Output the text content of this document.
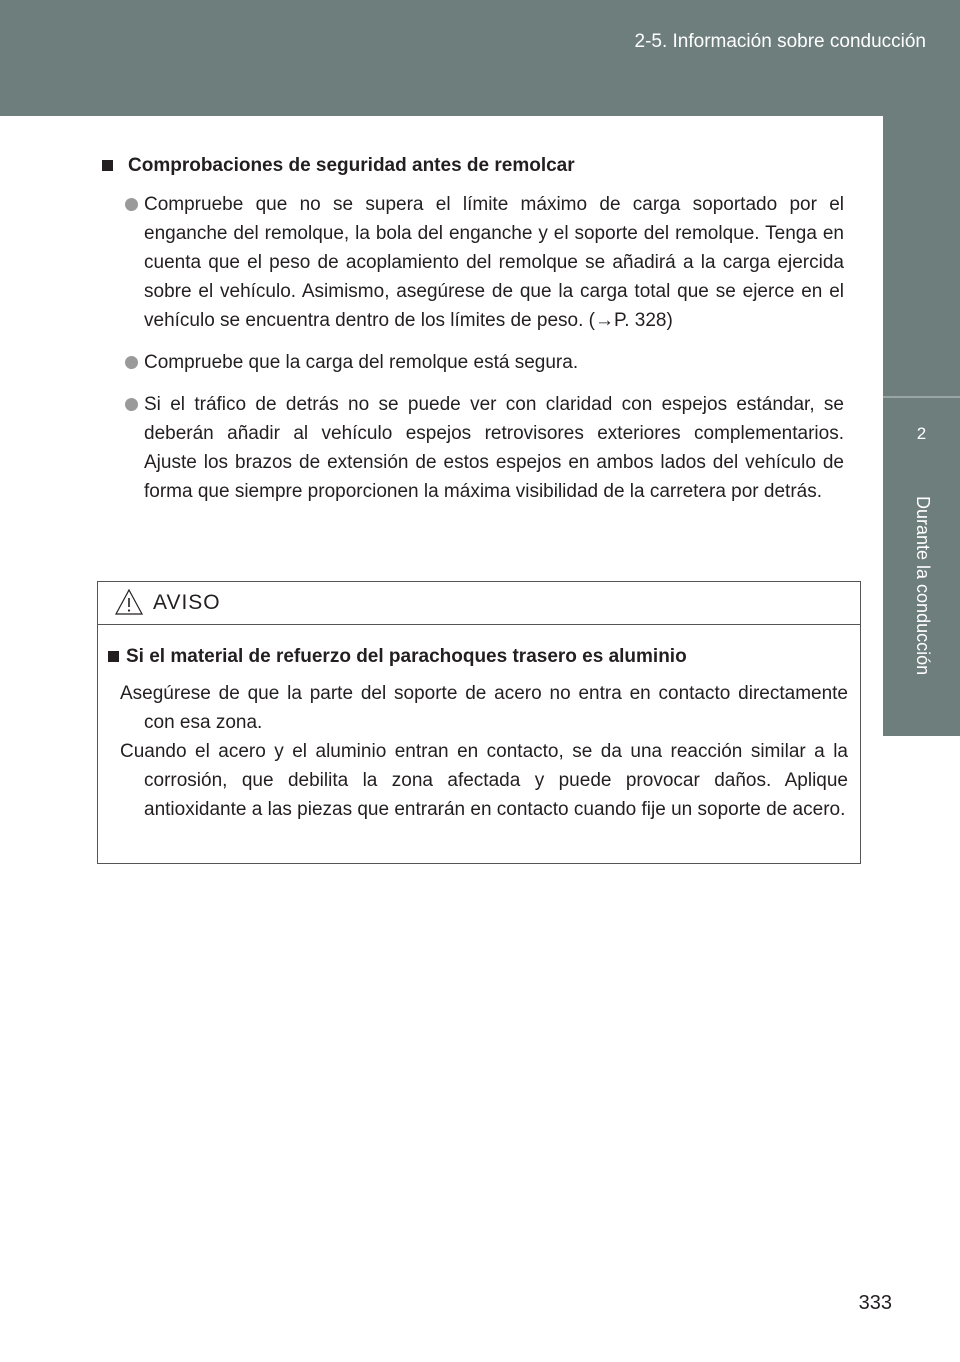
2-5. Información sobre conducción
2
Durante la conducción
Comprobaciones de seguridad antes de remolcar
Compruebe que no se supera el límite máximo de carga soportado por el enganche del remolque, la bola del enganche y el soporte del remolque. Tenga en cuenta que el peso de acoplamiento del remolque se añadirá a la carga ejercida sobre el vehículo. Asimismo, asegúrese de que la carga total que se ejerce en el vehículo se encuentra dentro de los límites de peso. (→P. 328)
Compruebe que la carga del remolque está segura.
Si el tráfico de detrás no se puede ver con claridad con espejos estándar, se deberán añadir al vehículo espejos retrovisores exteriores complementarios. Ajuste los brazos de extensión de estos espejos en ambos lados del vehículo de forma que siempre proporcionen la máxima visibilidad de la carretera por detrás.
AVISO
Si el material de refuerzo del parachoques trasero es aluminio
Asegúrese de que la parte del soporte de acero no entra en contacto directamente con esa zona.
Cuando el acero y el aluminio entran en contacto, se da una reacción similar a la corrosión, que debilita la zona afectada y puede provocar daños. Aplique antioxidante a las piezas que entrarán en contacto cuando fije un soporte de acero.
333
